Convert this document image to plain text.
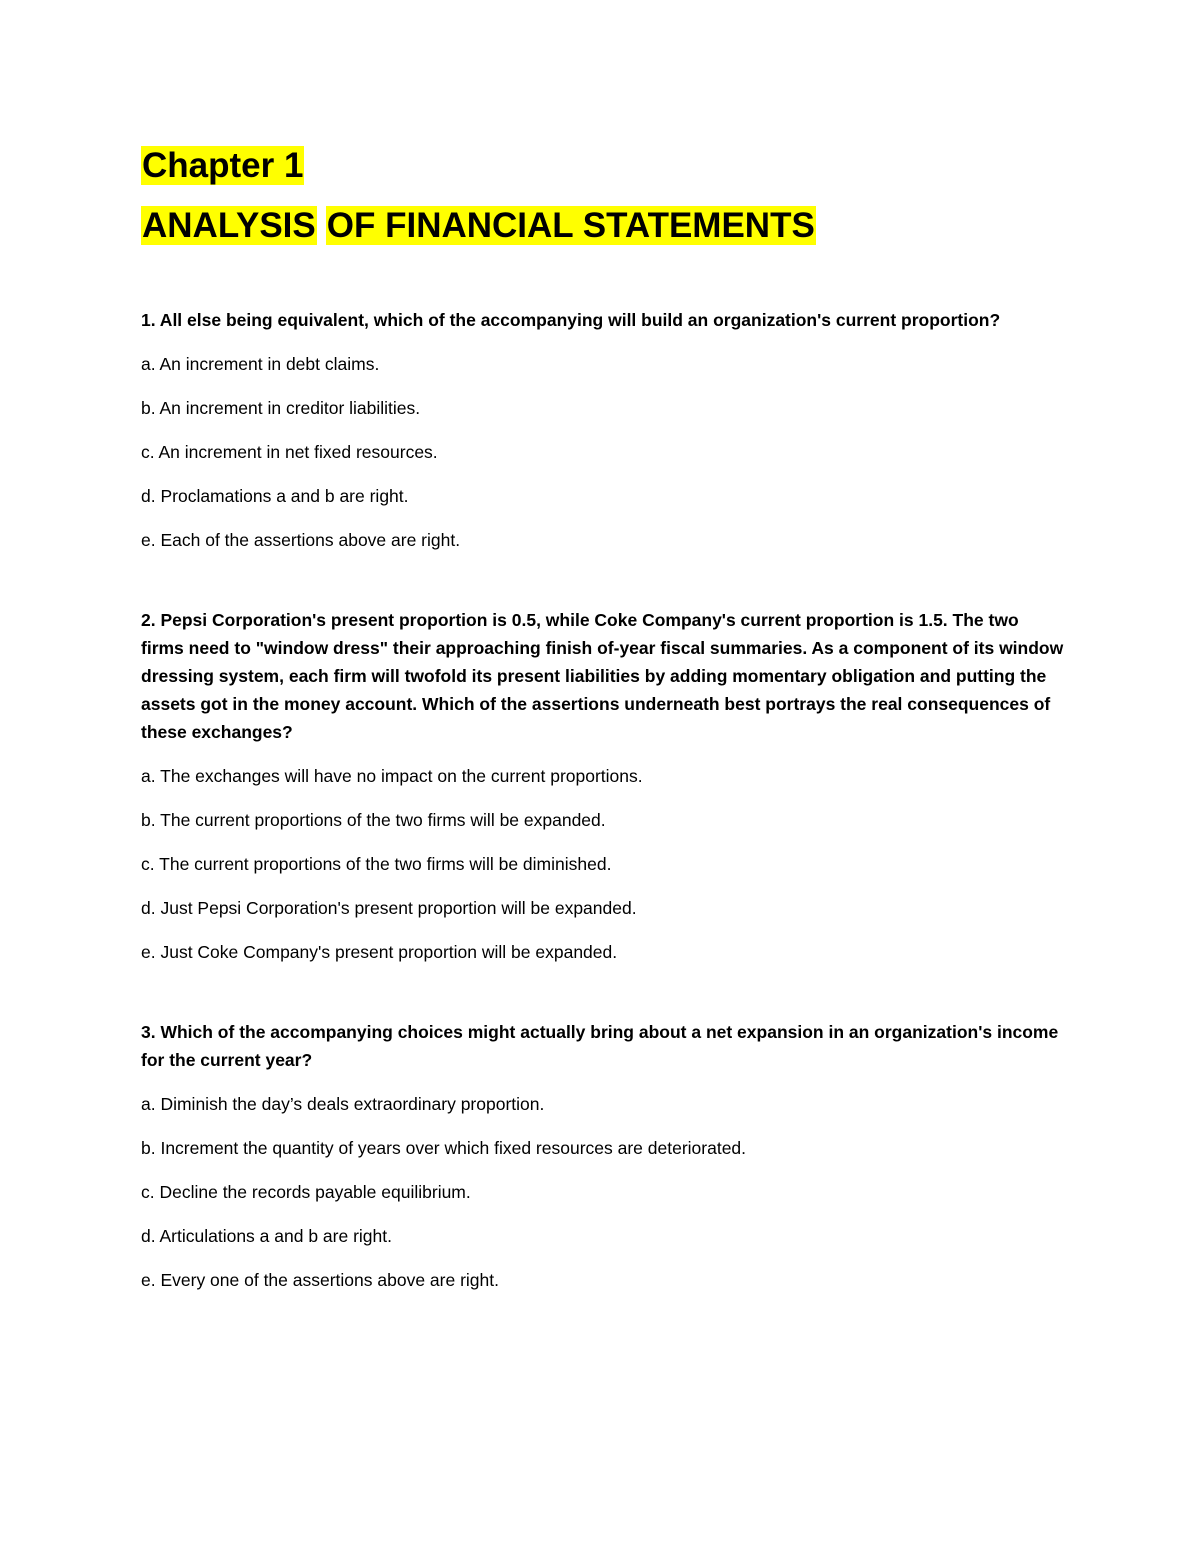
Chapter 1
ANALYSIS OF FINANCIAL STATEMENTS

1. All else being equivalent, which of the accompanying will build an organization's current proportion?

a. An increment in debt claims.
b. An increment in creditor liabilities.
c. An increment in net fixed resources.
d. Proclamations a and b are right.
e. Each of the assertions above are right.

2. Pepsi Corporation's present proportion is 0.5, while Coke Company's current proportion is 1.5. The two firms need to "window dress" their approaching finish of-year fiscal summaries. As a component of its window dressing system, each firm will twofold its present liabilities by adding momentary obligation and putting the assets got in the money account. Which of the assertions underneath best portrays the real consequences of these exchanges?

a. The exchanges will have no impact on the current proportions.
b. The current proportions of the two firms will be expanded.
c. The current proportions of the two firms will be diminished.
d. Just Pepsi Corporation's present proportion will be expanded.
e. Just Coke Company's present proportion will be expanded.

3. Which of the accompanying choices might actually bring about a net expansion in an organization's income for the current year?

a. Diminish the day’s deals extraordinary proportion.
b. Increment the quantity of years over which fixed resources are deteriorated.
c. Decline the records payable equilibrium.
d. Articulations a and b are right.
e. Every one of the assertions above are right.
